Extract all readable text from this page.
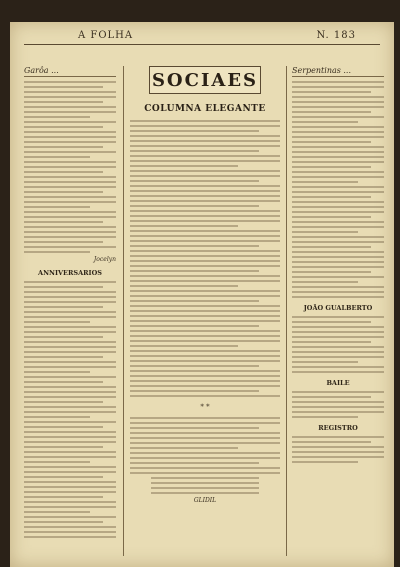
A FOLHA	N. 183
Garôa ...
Jocelyn
ANNIVERSARIOS
SOCIAES
COLUMNA ELEGANTE
* *
GLIDIL
Serpentinas ...
JOÃO GUALBERTO
BAILE
REGISTRO
